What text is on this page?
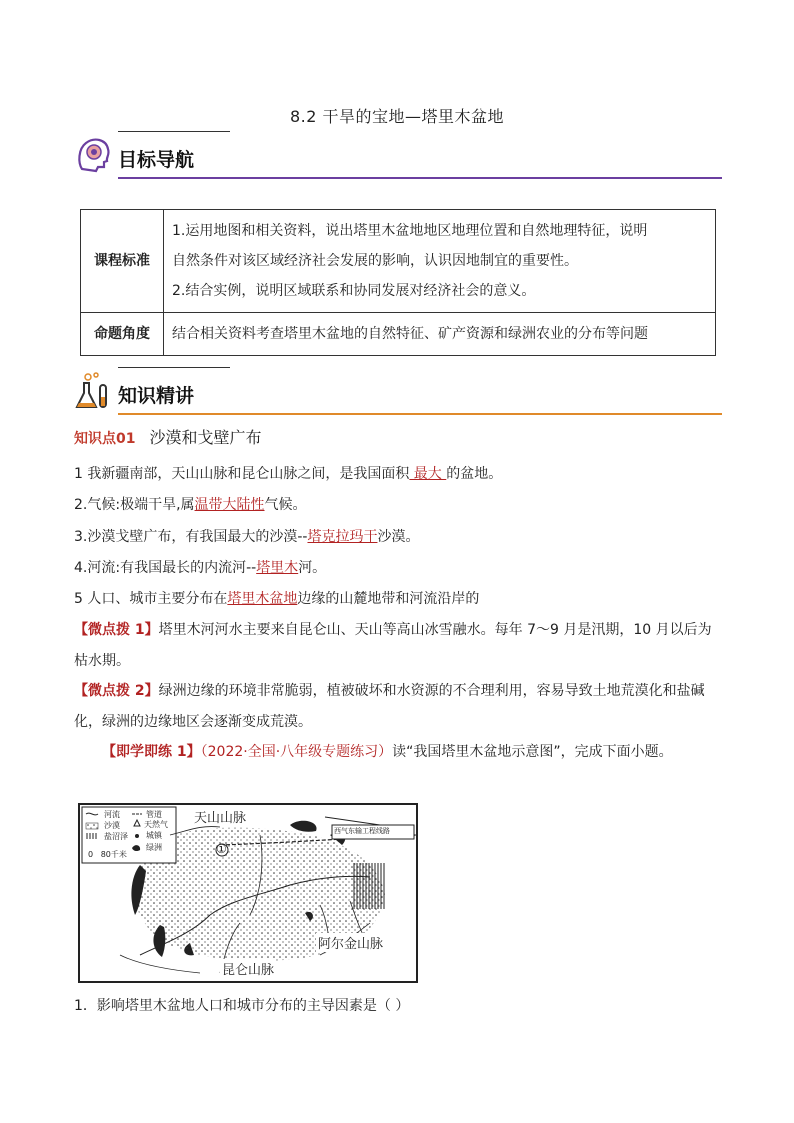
8.2 干旱的宝地—塔里木盆地
目标导航
课程标准	1.运用地图和相关资料，说出塔里木盆地地区地理位置和自然地理特征，说明
自然条件对该区域经济社会发展的影响，认识因地制宜的重要性。
2.结合实例，说明区域联系和协同发展对经济社会的意义。

命题角度	结合相关资料考查塔里木盆地的自然特征、矿产资源和绿洲农业的分布等问题
知识精讲
知识点01 沙漠和戈壁广布
1 我新疆南部，天山山脉和昆仑山脉之间，是我国面积 最大 的盆地。
2.气候:极端干旱,属温带大陆性气候。
3.沙漠戈壁广布，有我国最大的沙漠--塔克拉玛干沙漠。
4.河流:有我国最长的内流河--塔里木河。
5 人口、城市主要分布在塔里木盆地边缘的山麓地带和河流沿岸的
【微点拨 1】塔里木河河水主要来自昆仑山、天山等高山冰雪融水。每年 7～9 月是汛期，10 月以后为枯水期。
【微点拨 2】绿洲边缘的环境非常脆弱，植被破坏和水资源的不合理利用，容易导致土地荒漠化和盐碱化，绿洲的边缘地区会逐渐变成荒漠。
【即学即练 1】（2022·全国·八年级专题练习）读“我国塔里木盆地示意图”，完成下面小题。
河流
沙漠
盐沼泽
管道
天然气
城镇
绿洲
0   80千米
天山山脉
西气东输工程线路
①
阿尔金山脉
昆仑山脉
1．影响塔里木盆地人口和城市分布的主导因素是（ ）
